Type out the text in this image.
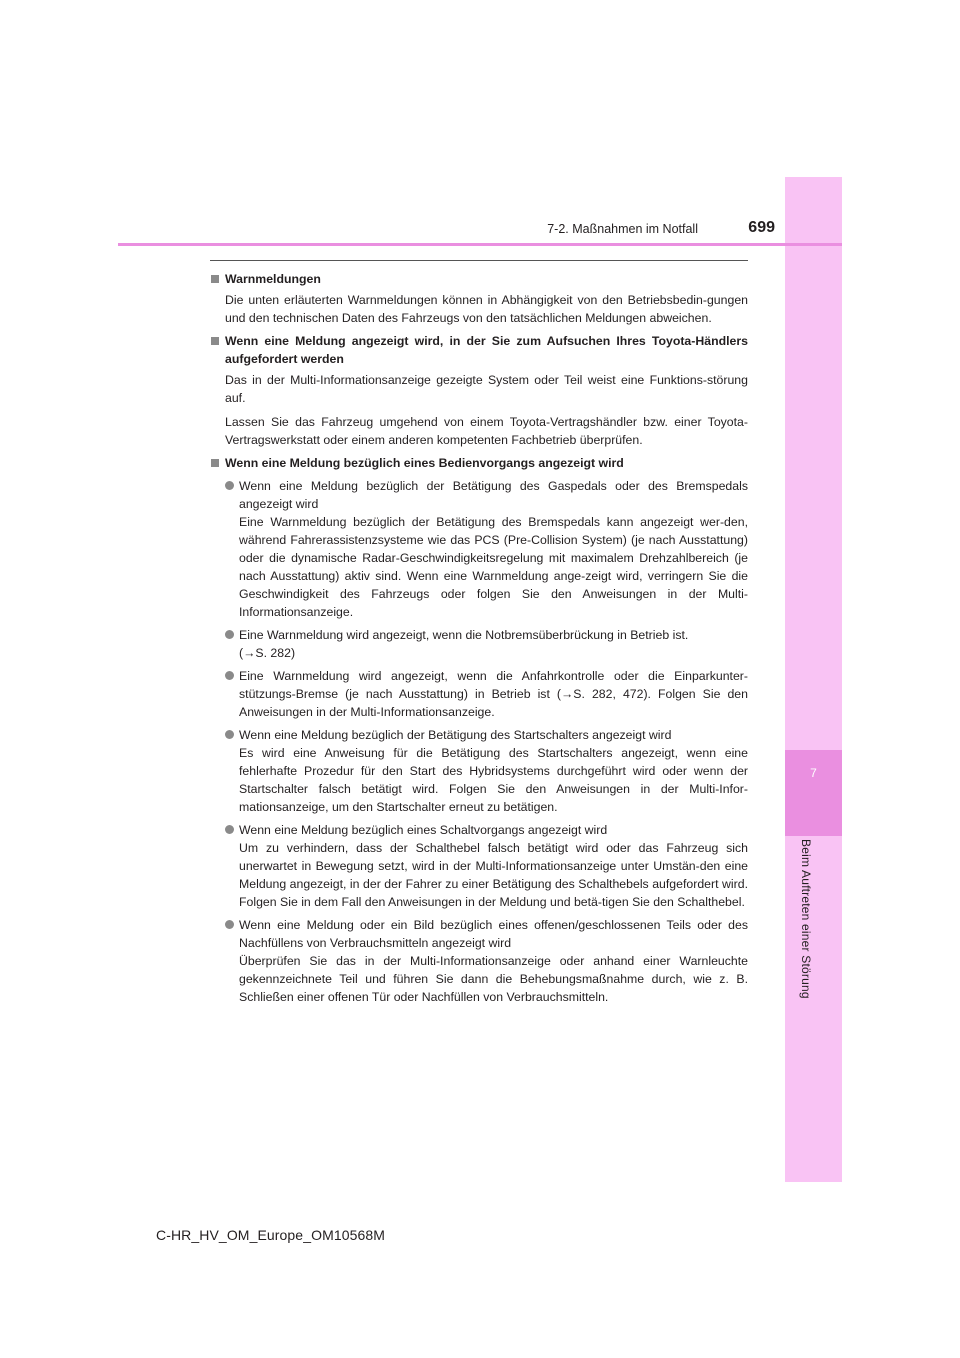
7
Beim Auftreten einer Störung
7-2. Maßnahmen im Notfall	699
Warnmeldungen
Die unten erläuterten Warnmeldungen können in Abhängigkeit von den Betriebsbedin-gungen und den technischen Daten des Fahrzeugs von den tatsächlichen Meldungen abweichen.
Wenn eine Meldung angezeigt wird, in der Sie zum Aufsuchen Ihres Toyota-Händlers aufgefordert werden
Das in der Multi-Informationsanzeige gezeigte System oder Teil weist eine Funktions-störung auf.
Lassen Sie das Fahrzeug umgehend von einem Toyota-Vertragshändler bzw. einer Toyota-Vertragswerkstatt oder einem anderen kompetenten Fachbetrieb überprüfen.
Wenn eine Meldung bezüglich eines Bedienvorgangs angezeigt wird
Wenn eine Meldung bezüglich der Betätigung des Gaspedals oder des Bremspedals angezeigt wird
Eine Warnmeldung bezüglich der Betätigung des Bremspedals kann angezeigt wer-den, während Fahrerassistenzsysteme wie das PCS (Pre-Collision System) (je nach Ausstattung) oder die dynamische Radar-Geschwindigkeitsregelung mit maximalem Drehzahlbereich (je nach Ausstattung) aktiv sind. Wenn eine Warnmeldung ange-zeigt wird, verringern Sie die Geschwindigkeit des Fahrzeugs oder folgen Sie den Anweisungen in der Multi-Informationsanzeige.
Eine Warnmeldung wird angezeigt, wenn die Notbremsüberbrückung in Betrieb ist.
(→S. 282)
Eine Warnmeldung wird angezeigt, wenn die Anfahrkontrolle oder die Einparkunter-stützungs-Bremse (je nach Ausstattung) in Betrieb ist (→S. 282, 472). Folgen Sie den Anweisungen in der Multi-Informationsanzeige.
Wenn eine Meldung bezüglich der Betätigung des Startschalters angezeigt wird
Es wird eine Anweisung für die Betätigung des Startschalters angezeigt, wenn eine fehlerhafte Prozedur für den Start des Hybridsystems durchgeführt wird oder wenn der Startschalter falsch betätigt wird. Folgen Sie den Anweisungen in der Multi-Infor-mationsanzeige, um den Startschalter erneut zu betätigen.
Wenn eine Meldung bezüglich eines Schaltvorgangs angezeigt wird
Um zu verhindern, dass der Schalthebel falsch betätigt wird oder das Fahrzeug sich unerwartet in Bewegung setzt, wird in der Multi-Informationsanzeige unter Umstän-den eine Meldung angezeigt, in der der Fahrer zu einer Betätigung des Schalthebels aufgefordert wird. Folgen Sie in dem Fall den Anweisungen in der Meldung und betä-tigen Sie den Schalthebel.
Wenn eine Meldung oder ein Bild bezüglich eines offenen/geschlossenen Teils oder des Nachfüllens von Verbrauchsmitteln angezeigt wird
Überprüfen Sie das in der Multi-Informationsanzeige oder anhand einer Warnleuchte gekennzeichnete Teil und führen Sie dann die Behebungsmaßnahme durch, wie z. B. Schließen einer offenen Tür oder Nachfüllen von Verbrauchsmitteln.
C-HR_HV_OM_Europe_OM10568M
